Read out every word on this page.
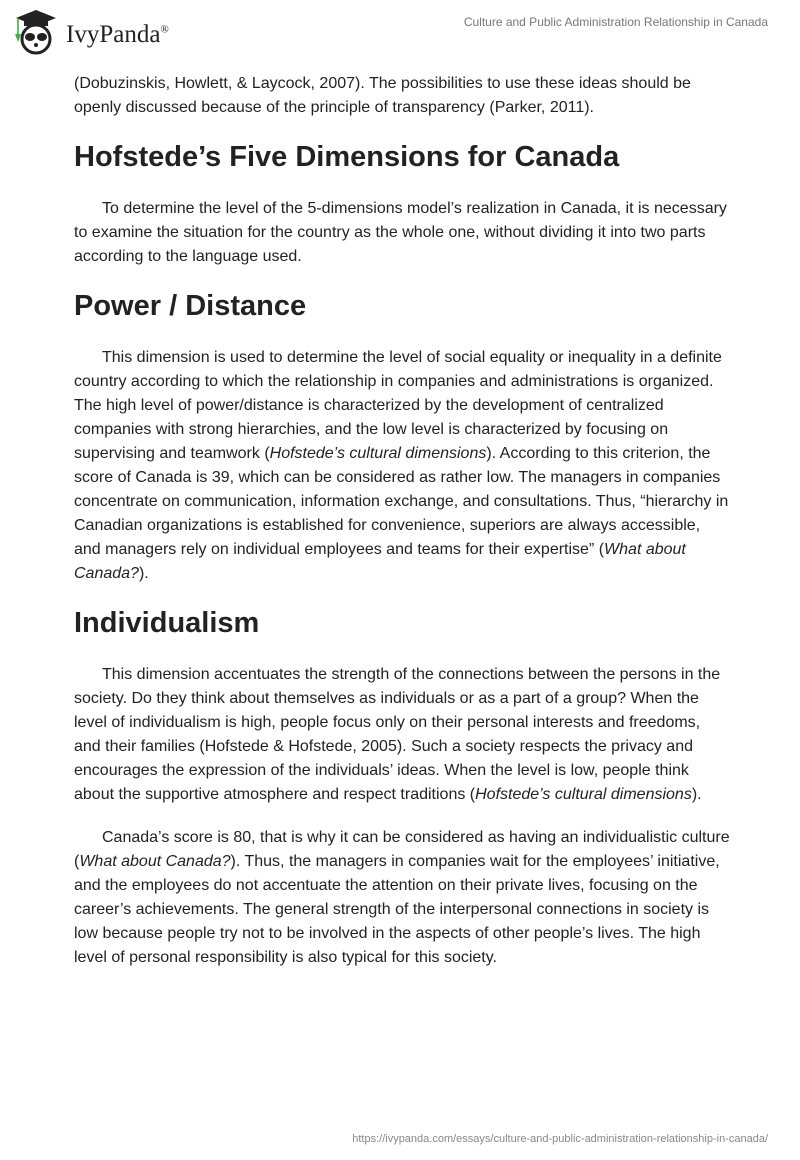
IvyPanda®
Culture and Public Administration Relationship in Canada

(Dobuzinskis, Howlett, & Laycock, 2007). The possibilities to use these ideas should be openly discussed because of the principle of transparency (Parker, 2011).

Hofstede’s Five Dimensions for Canada

To determine the level of the 5-dimensions model’s realization in Canada, it is necessary to examine the situation for the country as the whole one, without dividing it into two parts according to the language used.

Power / Distance

This dimension is used to determine the level of social equality or inequality in a definite country according to which the relationship in companies and administrations is organized. The high level of power/distance is characterized by the development of centralized companies with strong hierarchies, and the low level is characterized by focusing on supervising and teamwork (Hofstede’s cultural dimensions). According to this criterion, the score of Canada is 39, which can be considered as rather low. The managers in companies concentrate on communication, information exchange, and consultations. Thus, “hierarchy in Canadian organizations is established for convenience, superiors are always accessible, and managers rely on individual employees and teams for their expertise” (What about Canada?).

Individualism

This dimension accentuates the strength of the connections between the persons in the society. Do they think about themselves as individuals or as a part of a group? When the level of individualism is high, people focus only on their personal interests and freedoms, and their families (Hofstede & Hofstede, 2005). Such a society respects the privacy and encourages the expression of the individuals’ ideas. When the level is low, people think about the supportive atmosphere and respect traditions (Hofstede’s cultural dimensions).

Canada’s score is 80, that is why it can be considered as having an individualistic culture (What about Canada?). Thus, the managers in companies wait for the employees’ initiative, and the employees do not accentuate the attention on their private lives, focusing on the career’s achievements. The general strength of the interpersonal connections in society is low because people try not to be involved in the aspects of other people’s lives. The high level of personal responsibility is also typical for this society.

https://ivypanda.com/essays/culture-and-public-administration-relationship-in-canada/
